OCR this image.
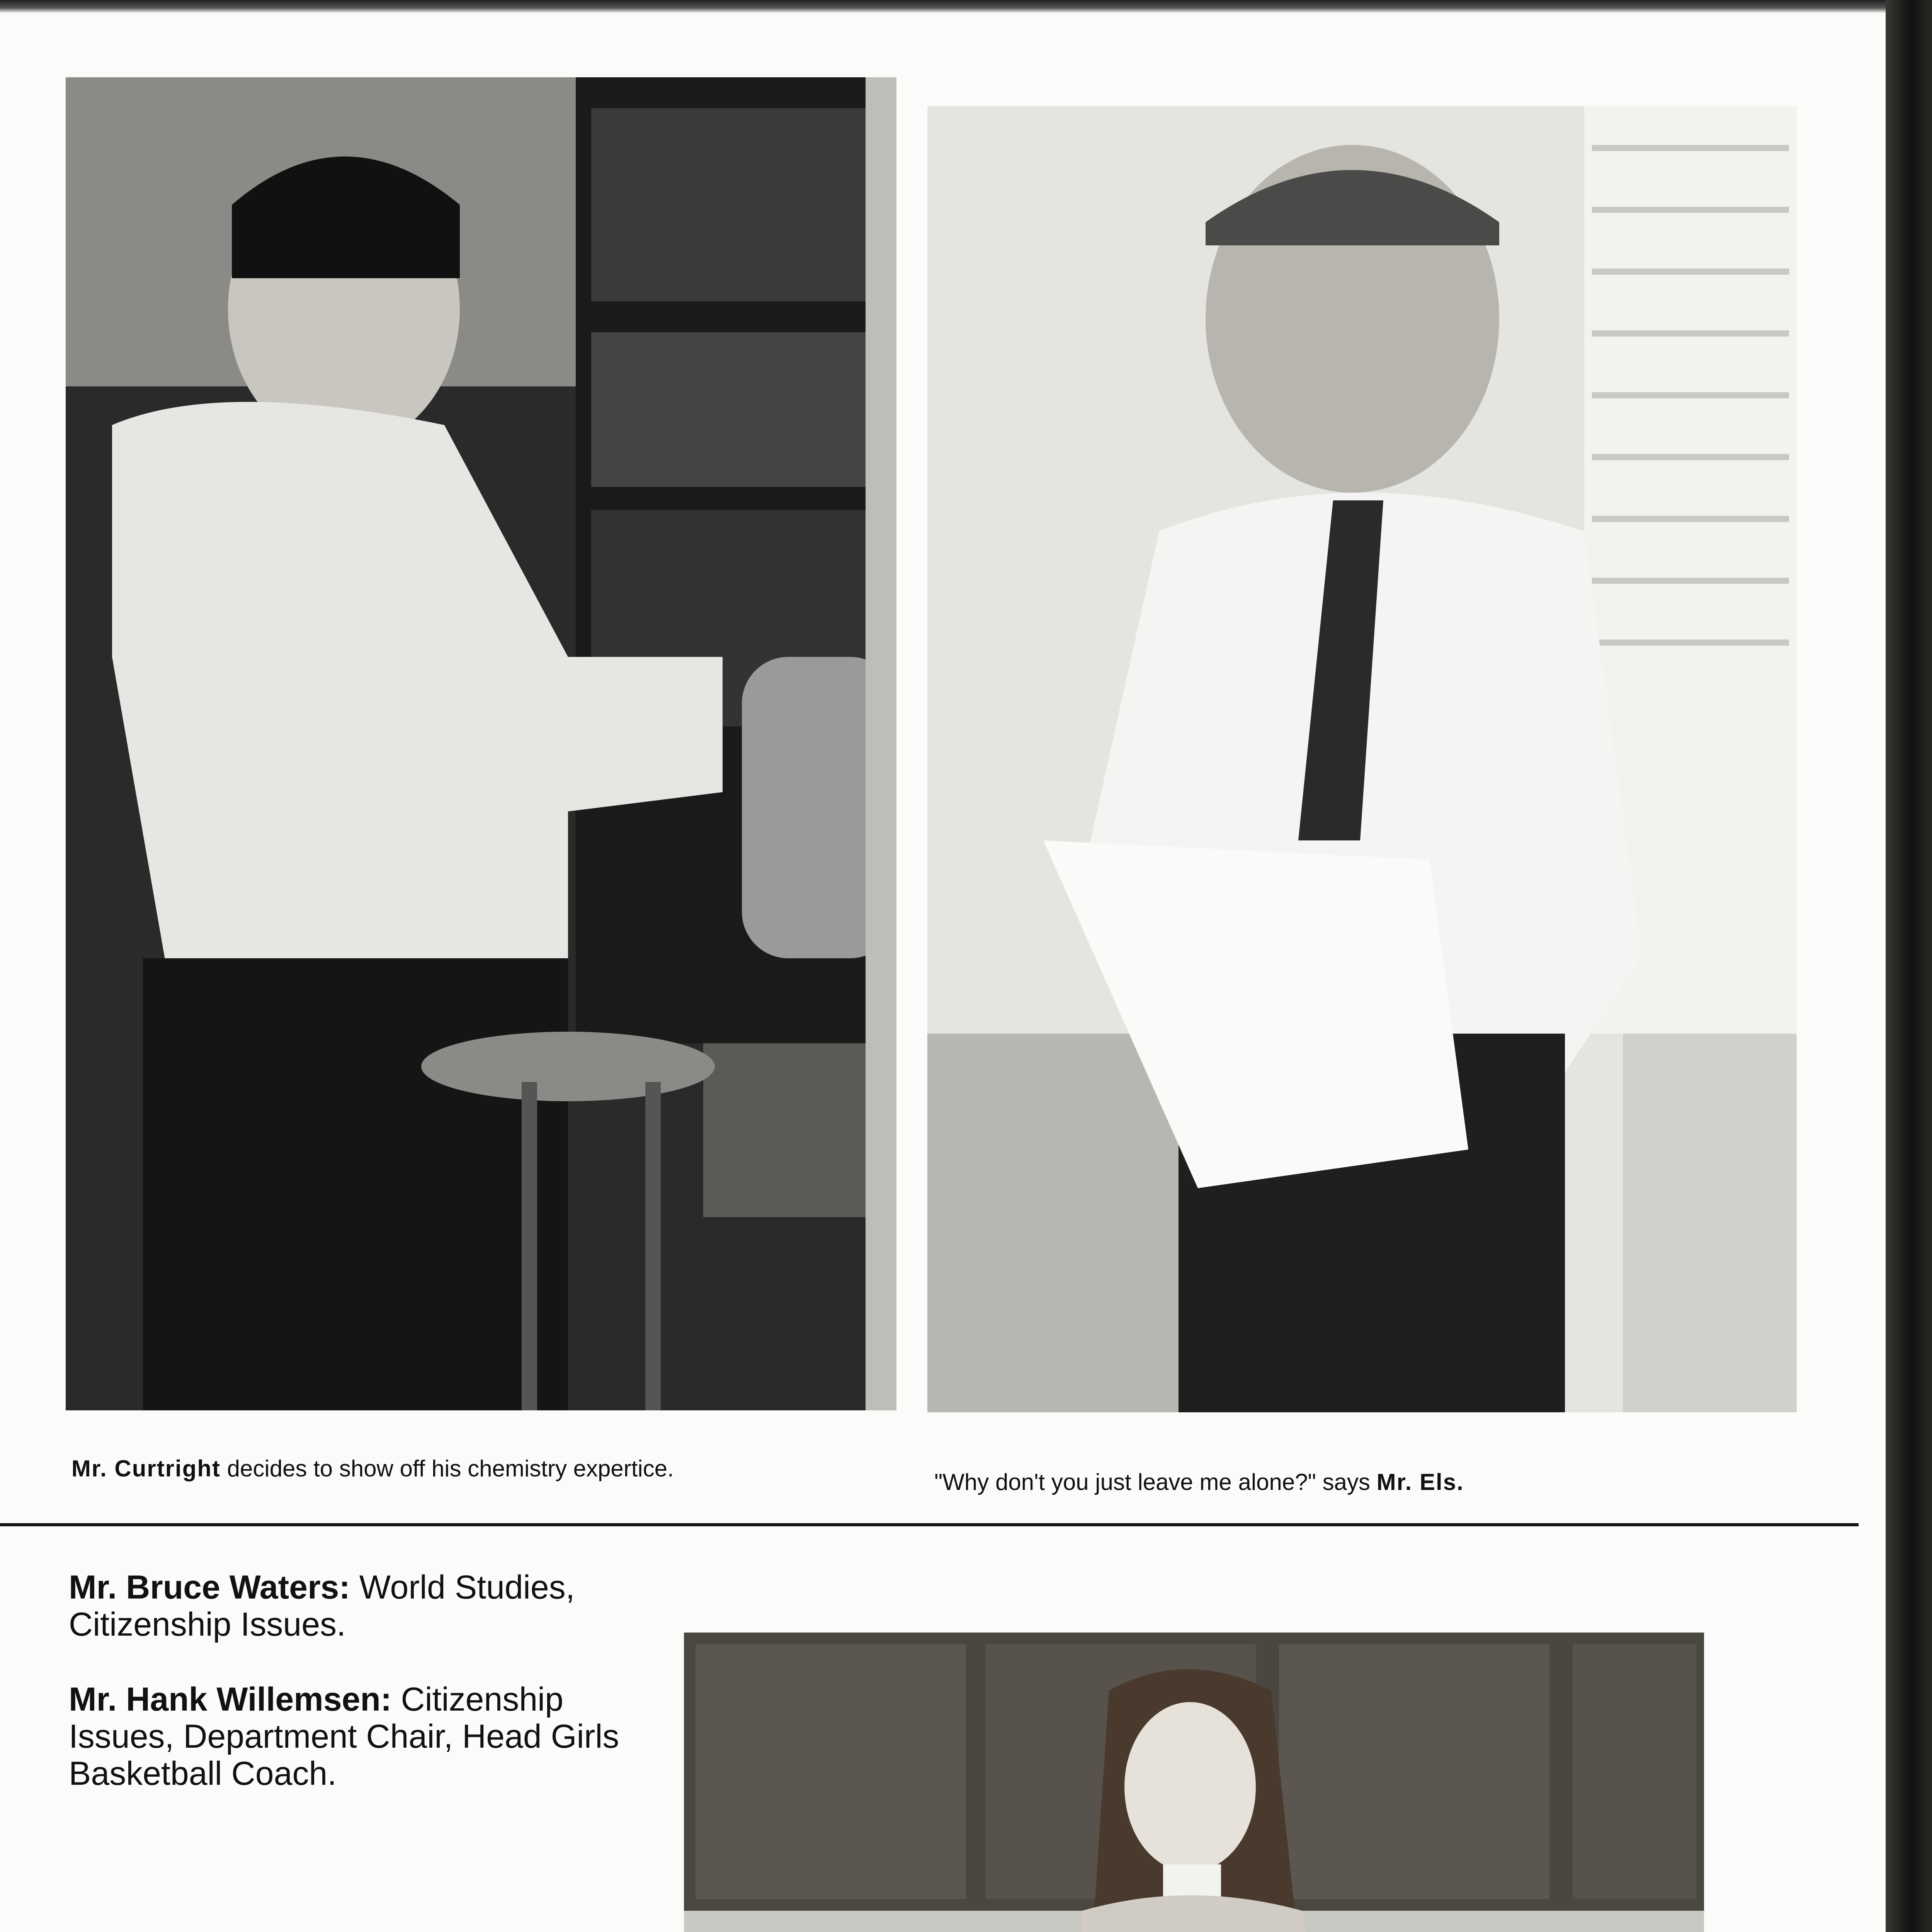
Mr. Curtright decides to show off his chemistry expertice.
"Why don't you just leave me alone?" says Mr. Els.
Mr. Bruce Waters: World Studies, Citizenship Issues.
Mr. Hank Willemsen: Citizenship Issues, Department Chair, Head Girls Basketball Coach.
